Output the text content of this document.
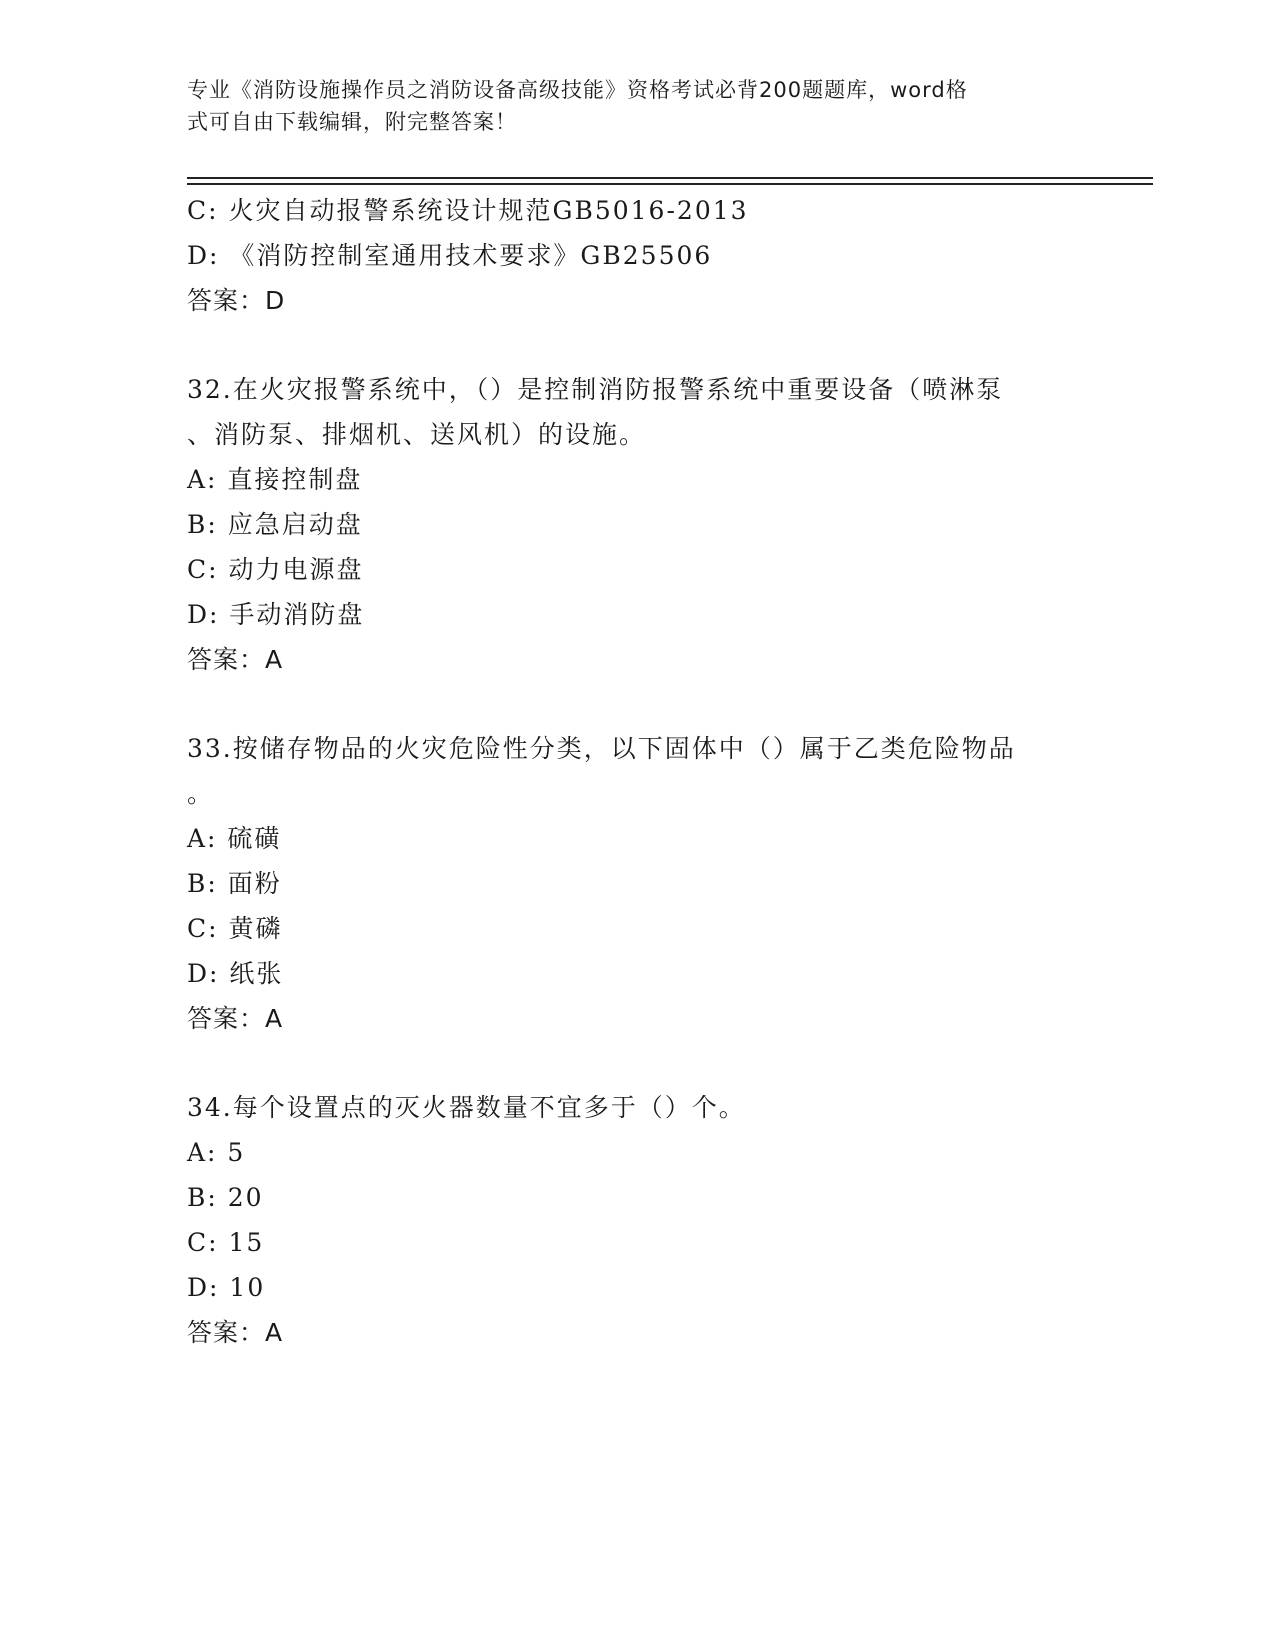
专业《消防设施操作员之消防设备高级技能》资格考试必背200题题库，word格
式可自由下载编辑，附完整答案！
C: 火灾自动报警系统设计规范GB5016-2013
D: 《消防控制室通用技术要求》GB25506
答案：D
32.在火灾报警系统中，（）是控制消防报警系统中重要设备（喷淋泵
、消防泵、排烟机、送风机）的设施。
A: 直接控制盘
B: 应急启动盘
C: 动力电源盘
D: 手动消防盘
答案：A
33.按储存物品的火灾危险性分类，以下固体中（）属于乙类危险物品
。
A: 硫磺
B: 面粉
C: 黄磷
D: 纸张
答案：A
34.每个设置点的灭火器数量不宜多于（）个。
A: 5
B: 20
C: 15
D: 10
答案：A
